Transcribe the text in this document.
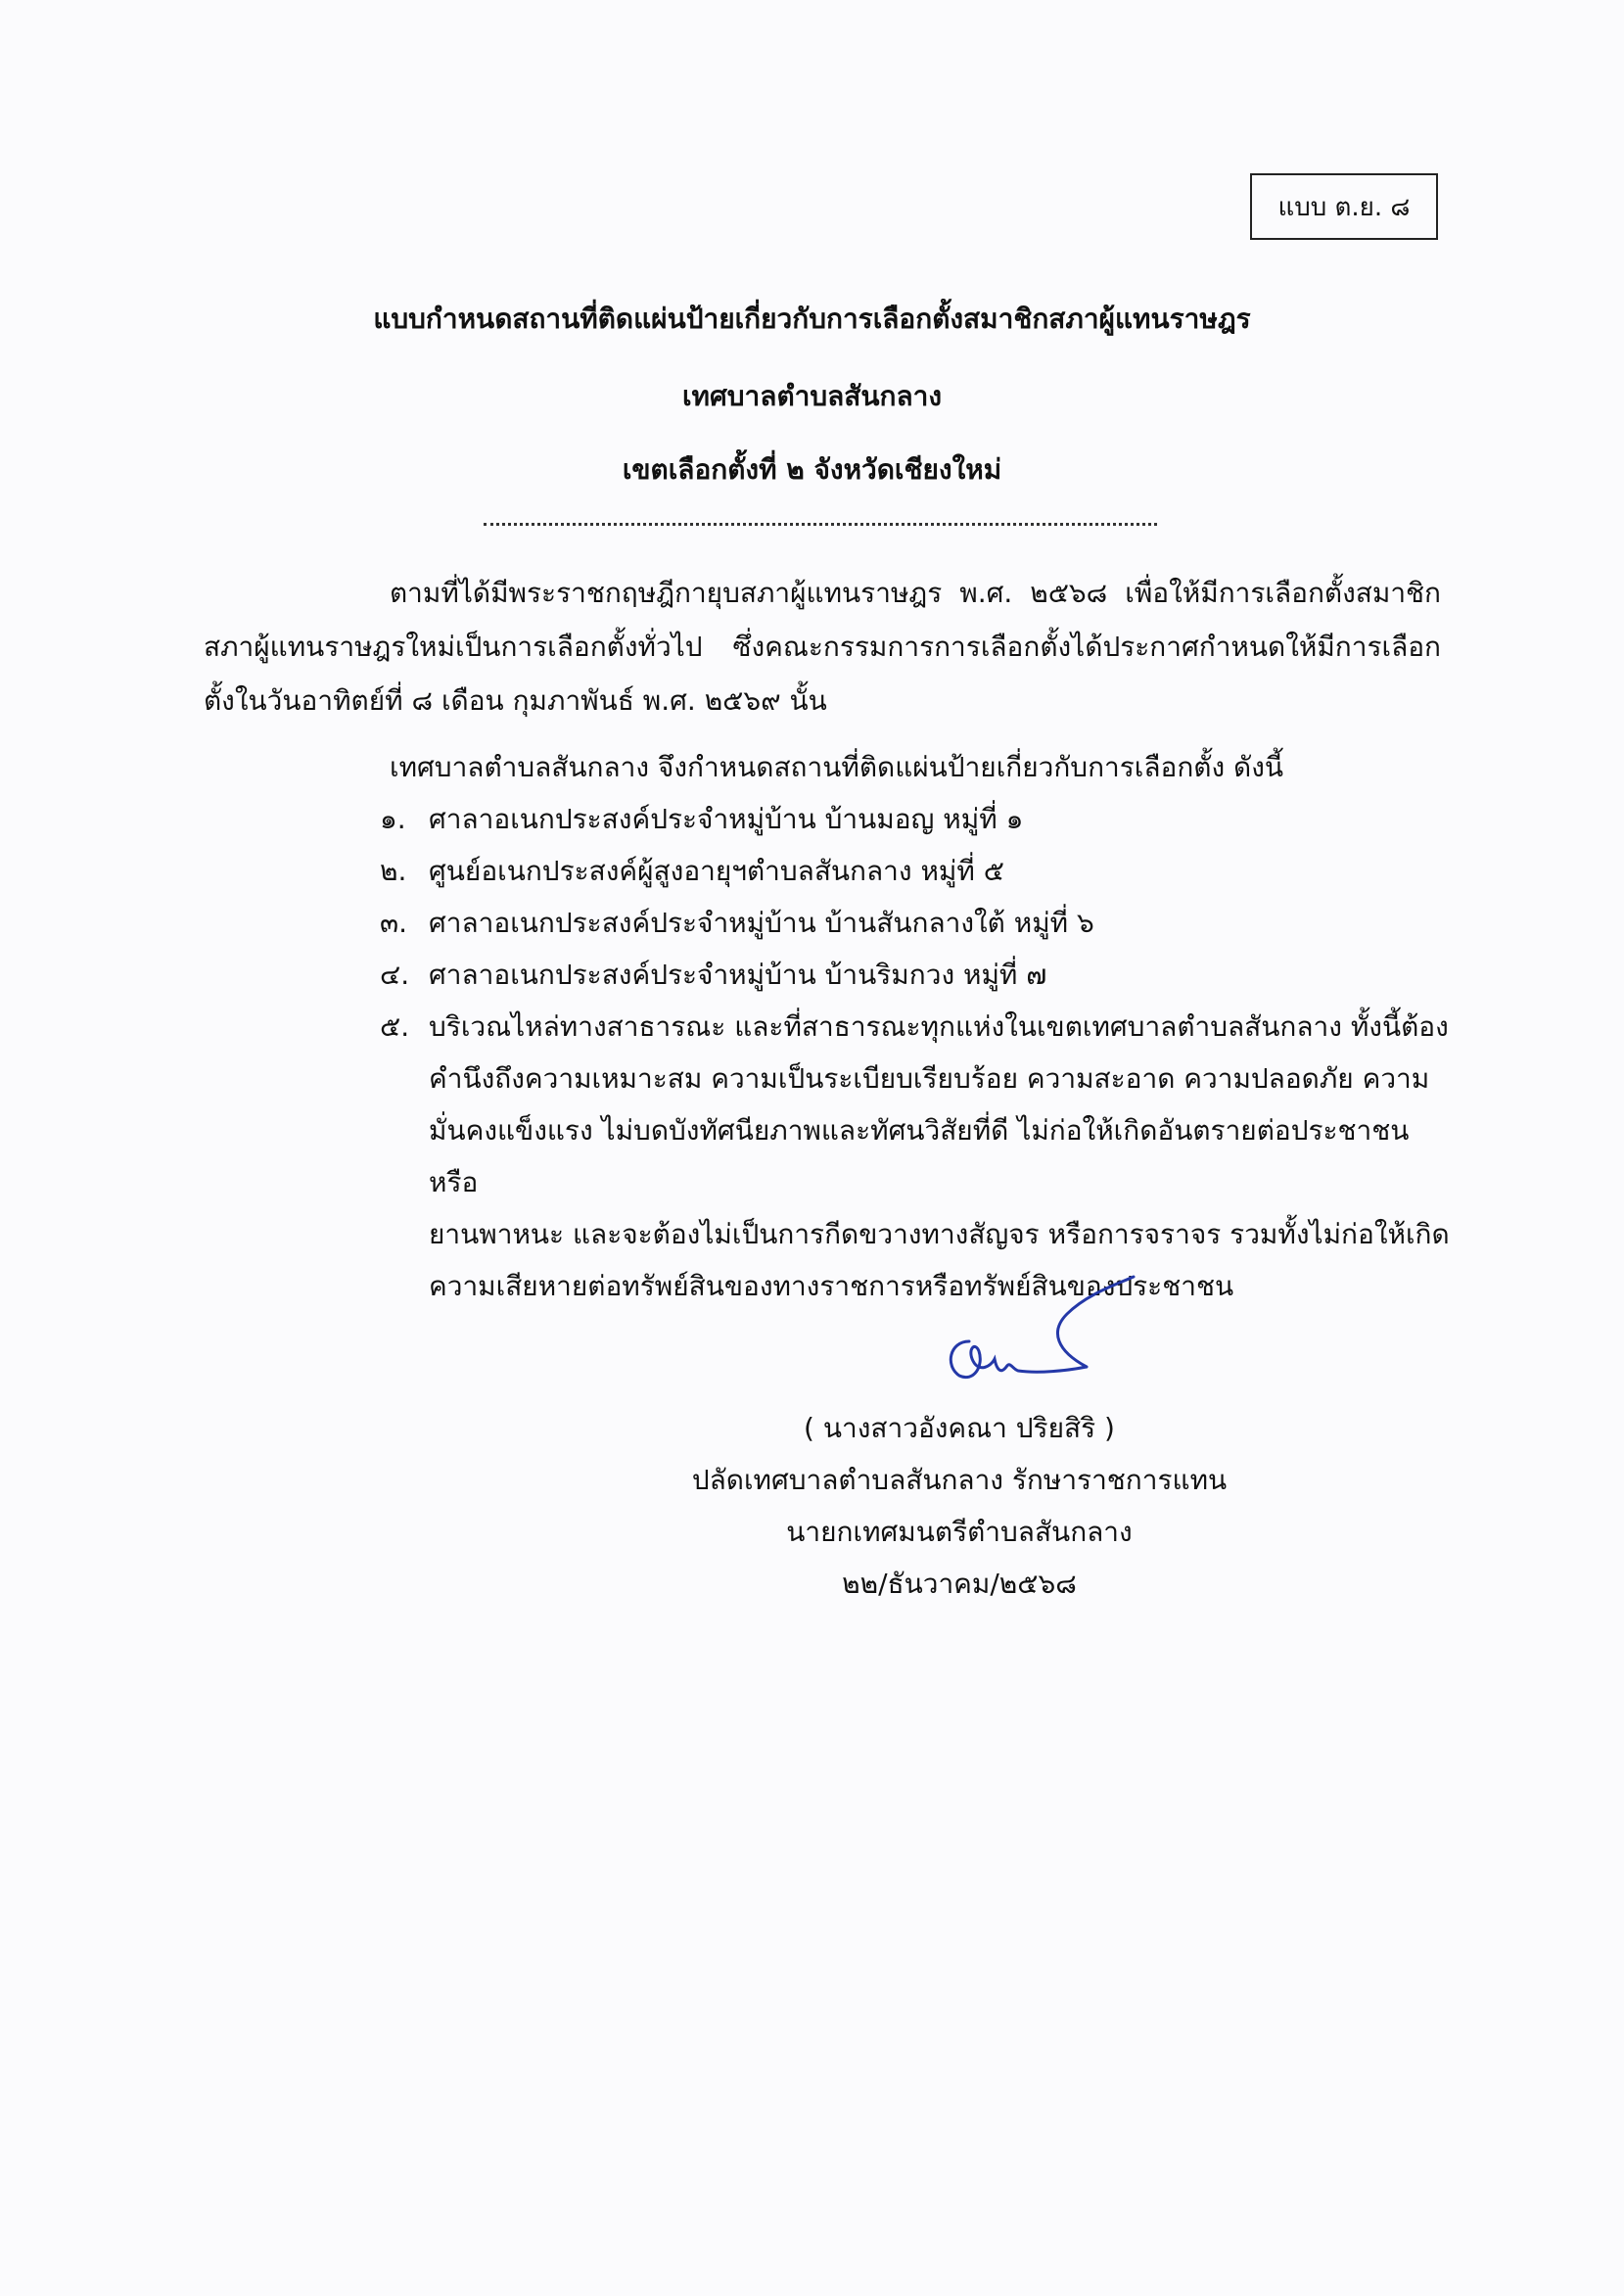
แบบ ต.ย. ๘
แบบกำหนดสถานที่ติดแผ่นป้ายเกี่ยวกับการเลือกตั้งสมาชิกสภาผู้แทนราษฎร
เทศบาลตำบลสันกลาง
เขตเลือกตั้งที่ ๒ จังหวัดเชียงใหม่
ตามที่ได้มีพระราชกฤษฎีกายุบสภาผู้แทนราษฎร พ.ศ. ๒๕๖๘ เพื่อให้มีการเลือกตั้งสมาชิกสภาผู้แทนราษฎรใหม่เป็นการเลือกตั้งทั่วไป ซึ่งคณะกรรมการการเลือกตั้งได้ประกาศกำหนดให้มีการเลือกตั้งในวันอาทิตย์ที่ ๘ เดือน กุมภาพันธ์ พ.ศ. ๒๕๖๙ นั้น
เทศบาลตำบลสันกลาง จึงกำหนดสถานที่ติดแผ่นป้ายเกี่ยวกับการเลือกตั้ง ดังนี้
๑. ศาลาอเนกประสงค์ประจำหมู่บ้าน บ้านมอญ หมู่ที่ ๑
๒. ศูนย์อเนกประสงค์ผู้สูงอายุฯตำบลสันกลาง หมู่ที่ ๕
๓. ศาลาอเนกประสงค์ประจำหมู่บ้าน บ้านสันกลางใต้ หมู่ที่ ๖
๔. ศาลาอเนกประสงค์ประจำหมู่บ้าน บ้านริมกวง หมู่ที่ ๗
๕. บริเวณไหล่ทางสาธารณะ และที่สาธารณะทุกแห่งในเขตเทศบาลตำบลสันกลาง ทั้งนี้ต้อง
คำนึงถึงความเหมาะสม ความเป็นระเบียบเรียบร้อย ความสะอาด ความปลอดภัย ความ
มั่นคงแข็งแรง ไม่บดบังทัศนียภาพและทัศนวิสัยที่ดี ไม่ก่อให้เกิดอันตรายต่อประชาชน หรือ
ยานพาหนะ และจะต้องไม่เป็นการกีดขวางทางสัญจร หรือการจราจร รวมทั้งไม่ก่อให้เกิด
ความเสียหายต่อทรัพย์สินของทางราชการหรือทรัพย์สินของประชาชน
( นางสาวอังคณา ปริยสิริ )
ปลัดเทศบาลตำบลสันกลาง รักษาราชการแทน
นายกเทศมนตรีตำบลสันกลาง
๒๒/ธันวาคม/๒๕๖๘
